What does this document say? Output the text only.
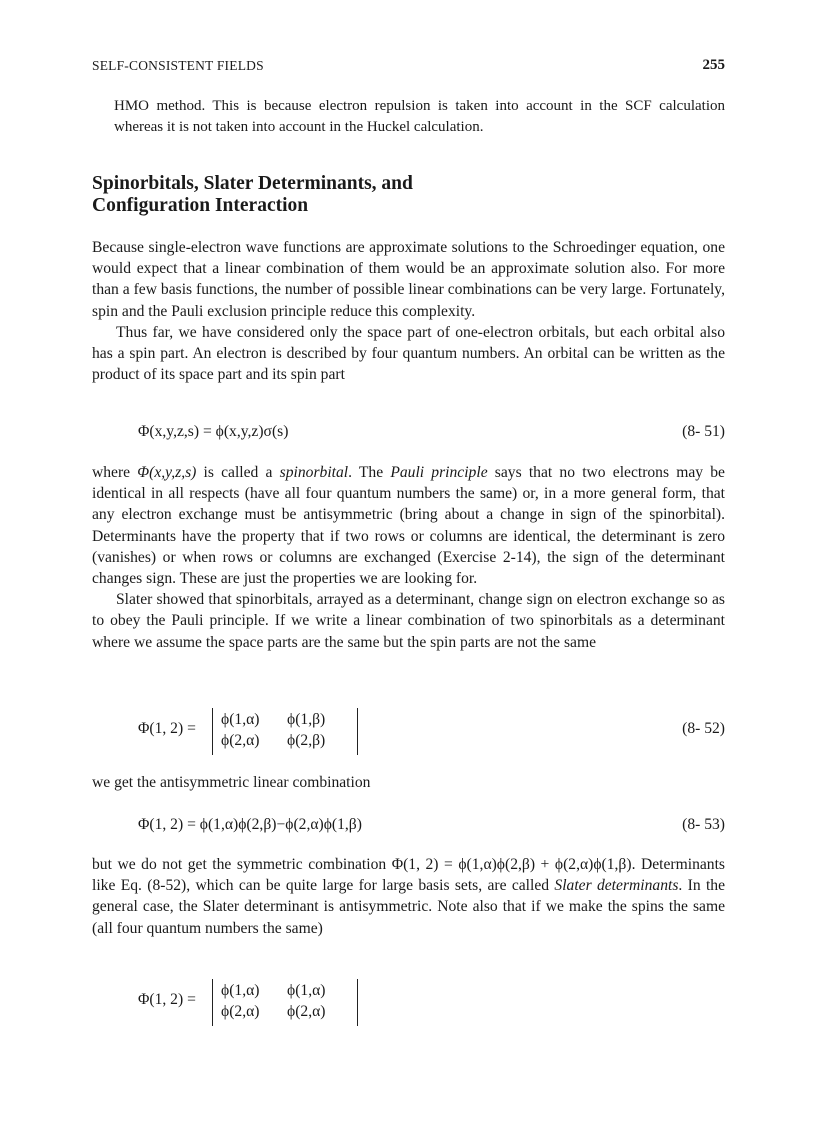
SELF-CONSISTENT FIELDS	255
HMO method. This is because electron repulsion is taken into account in the SCF calculation whereas it is not taken into account in the Huckel calculation.
Spinorbitals, Slater Determinants, and
Configuration Interaction

Because single-electron wave functions are approximate solutions to the Schroedinger equation, one would expect that a linear combination of them would be an approximate solution also. For more than a few basis functions, the number of possible linear combinations can be very large. Fortunately, spin and the Pauli exclusion principle reduce this complexity.

Thus far, we have considered only the space part of one-electron orbitals, but each orbital also has a spin part. An electron is described by four quantum numbers. An orbital can be written as the product of its space part and its spin part

Φ(x,y,z,s) = ϕ(x,y,z)σ(s)	(8- 51)

where Φ(x,y,z,s) is called a spinorbital. The Pauli principle says that no two electrons may be identical in all respects (have all four quantum numbers the same) or, in a more general form, that any electron exchange must be antisymmetric (bring about a change in sign of the spinorbital). Determinants have the property that if two rows or columns are identical, the determinant is zero (vanishes) or when rows or columns are exchanged (Exercise 2-14), the sign of the determinant changes sign. These are just the properties we are looking for.

Slater showed that spinorbitals, arrayed as a determinant, change sign on electron exchange so as to obey the Pauli principle. If we write a linear combination of two spinorbitals as a determinant where we assume the space parts are the same but the spin parts are not the same

Φ(1, 2) =
ϕ(1,α)	ϕ(1,β)
ϕ(2,α)	ϕ(2,β)
(8- 52)

we get the antisymmetric linear combination

Φ(1, 2) = ϕ(1,α)ϕ(2,β)−ϕ(2,α)ϕ(1,β)	(8- 53)

but we do not get the symmetric combination Φ(1, 2) = ϕ(1,α)ϕ(2,β) + ϕ(2,α)ϕ(1,β). Determinants like Eq. (8-52), which can be quite large for large basis sets, are called Slater determinants. In the general case, the Slater determinant is antisymmetric. Note also that if we make the spins the same (all four quantum numbers the same)

Φ(1, 2) =
ϕ(1,α)	ϕ(1,α)
ϕ(2,α)	ϕ(2,α)
